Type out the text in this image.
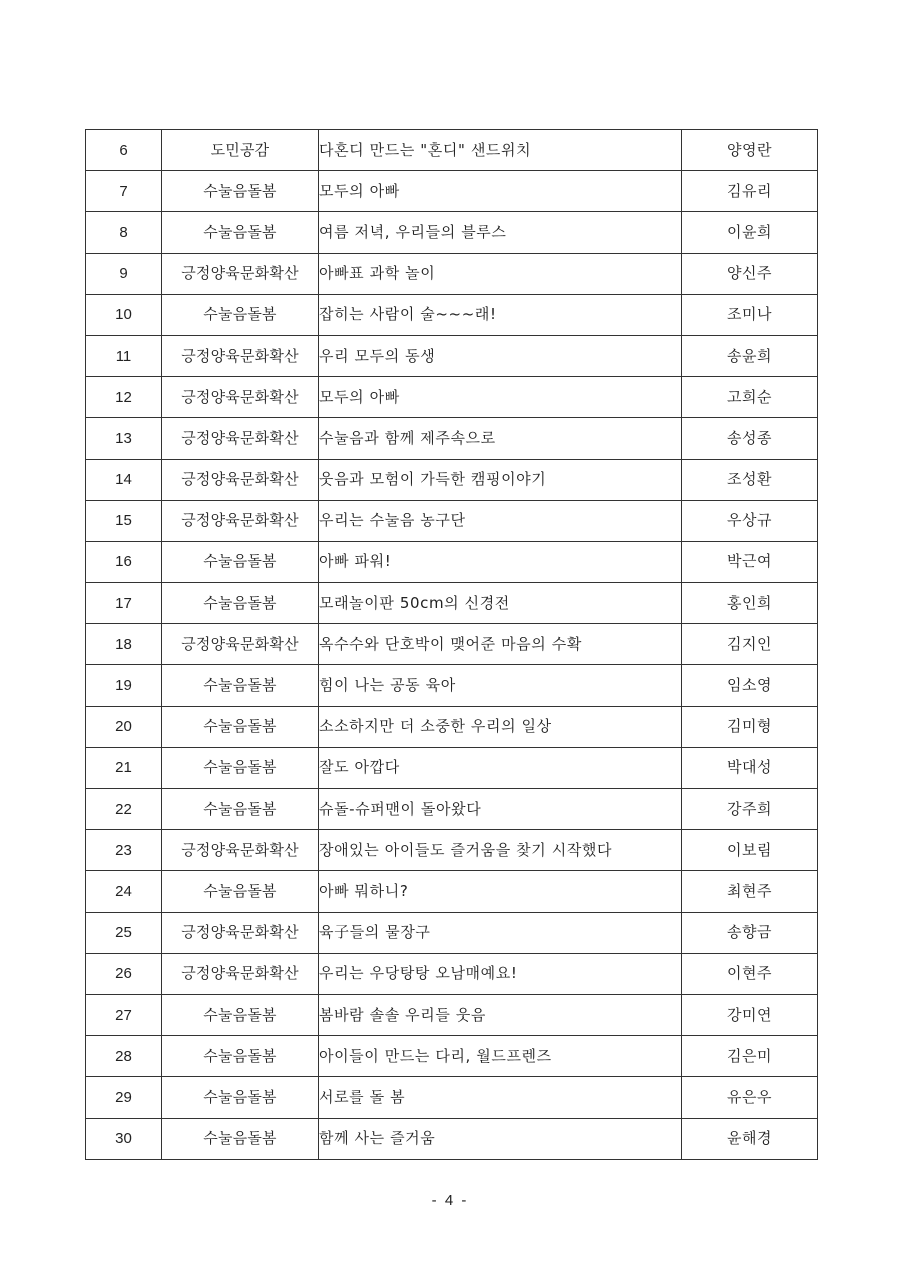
6	도민공감	다혼디 만드는 "혼디" 샌드위치	양영란
7	수눌음돌봄	모두의 아빠	김유리
8	수눌음돌봄	여름 저녁, 우리들의 블루스	이윤희
9	긍정양육문화확산	아빠표 과학 놀이	양신주
10	수눌음돌봄	잡히는 사람이 술~~~래!	조미나
11	긍정양육문화확산	우리 모두의 동생	송윤희
12	긍정양육문화확산	모두의 아빠	고희순
13	긍정양육문화확산	수눌음과 함께 제주속으로	송성종
14	긍정양육문화확산	웃음과 모험이 가득한 캠핑이야기	조성환
15	긍정양육문화확산	우리는 수눌음 농구단	우상규
16	수눌음돌봄	아빠 파워!	박근여
17	수눌음돌봄	모래놀이판 50cm의 신경전	홍인희
18	긍정양육문화확산	옥수수와 단호박이 맺어준 마음의 수확	김지인
19	수눌음돌봄	힘이 나는 공동 육아	임소영
20	수눌음돌봄	소소하지만 더 소중한 우리의 일상	김미형
21	수눌음돌봄	잘도 아깝다	박대성
22	수눌음돌봄	슈돌-슈퍼맨이 돌아왔다	강주희
23	긍정양육문화확산	장애있는 아이들도 즐거움을 찾기 시작했다	이보림
24	수눌음돌봄	아빠 뭐하니?	최현주
25	긍정양육문화확산	육子들의 물장구	송향금
26	긍정양육문화확산	우리는 우당탕탕 오남매예요!	이현주
27	수눌음돌봄	봄바람 솔솔 우리들 웃음	강미연
28	수눌음돌봄	아이들이 만드는 다리, 월드프렌즈	김은미
29	수눌음돌봄	서로를 돌 봄	유은우
30	수눌음돌봄	함께 사는 즐거움	윤해경
- 4 -
